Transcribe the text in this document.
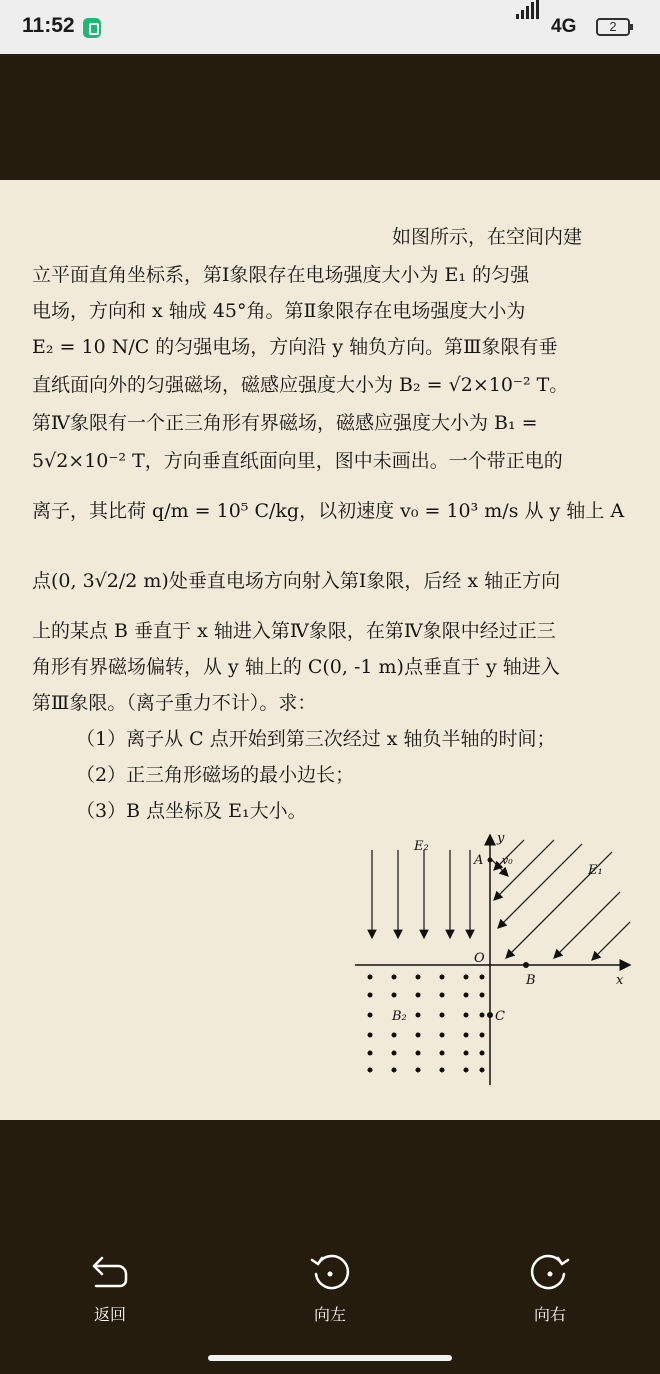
11:52	4G	2

如图所示，在空间内建

立平面直角坐标系，第Ⅰ象限存在电场强度大小为 E₁ 的匀强

电场，方向和 x 轴成 45°角。第Ⅱ象限存在电场强度大小为

E₂ = 10 N/C 的匀强电场，方向沿 y 轴负方向。第Ⅲ象限有垂

直纸面向外的匀强磁场，磁感应强度大小为 B₂ = √2×10⁻² T。

第Ⅳ象限有一个正三角形有界磁场，磁感应强度大小为 B₁ =

5√2×10⁻² T，方向垂直纸面向里，图中未画出。一个带正电的

离子，其比荷 q/m = 10⁵ C/kg，以初速度 v₀ = 10³ m/s 从 y 轴上 A

点(0, 3√2/2 m)处垂直电场方向射入第Ⅰ象限，后经 x 轴正方向

上的某点 B 垂直于 x 轴进入第Ⅳ象限，在第Ⅳ象限中经过正三

角形有界磁场偏转，从 y 轴上的 C(0, -1 m)点垂直于 y 轴进入

第Ⅲ象限。（离子重力不计）。求：

（1）离子从 C 点开始到第三次经过 x 轴负半轴的时间；

（2）正三角形磁场的最小边长；

（3）B 点坐标及 E₁大小。

E₂
E₁
y
A v₀
O
B	x
C
B₂
返回	向左	向右
